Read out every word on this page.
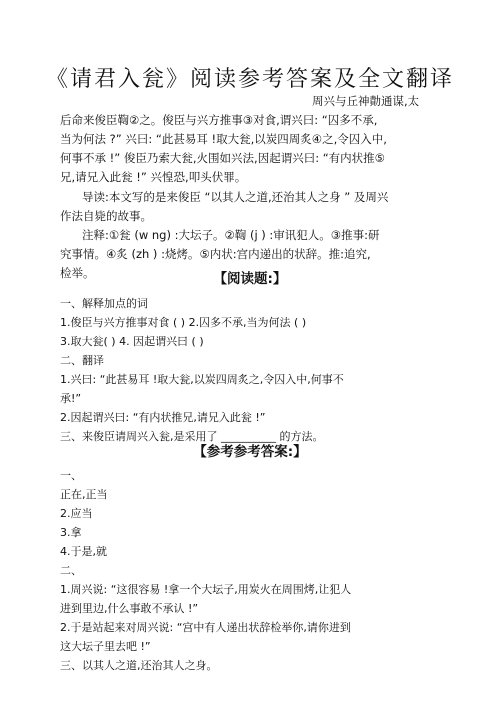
《请君入瓮》阅读参考答案及全文翻译

周兴与丘神勣通谋,太

后命来俊臣鞫②之。俊臣与兴方推事③对食,谓兴曰: “囚多不承,

当为何法 ?” 兴曰: “此甚易耳 !取大瓮,以炭四周炙④之,令囚入中,

何事不承 !” 俊臣乃索大瓮,火围如兴法,因起谓兴曰: “有内状推⑤

兄,请兄入此瓮 !” 兴惶恐,叩头伏罪。

导读:本文写的是来俊臣 “以其人之道,还治其人之身 ” 及周兴

作法自毙的故事。

注释:①瓮 (w ng) :大坛子。②鞫 (j ) :审讯犯人。③推事:研

究事情。④炙 (zh ) :烧烤。⑤内状:宫内递出的状辞。推:追究,

检举。	【阅读题:】

一、解释加点的词

1.俊臣与兴方推事对食 ( ) 2.囚多不承,当为何法 ( )

3.取大瓮( ) 4. 因起谓兴曰 ( )

二、翻译

1.兴曰: “此甚易耳 !取大瓮,以炭四周炙之,令囚入中,何事不

承!”

2.因起谓兴曰: “有内状推兄,请兄入此瓮 !”

三、来俊臣请周兴入瓮,是采用了 __________ 的方法。

【参考参考答案:】

一、

正在,正当

2.应当

3.拿

4.于是,就

二、

1.周兴说: “这很容易 !拿一个大坛子,用炭火在周围烤,让犯人

进到里边,什么事敢不承认 !”

2.于是站起来对周兴说: “宫中有人递出状辞检举你,请你进到

这大坛子里去吧 !”

三、以其人之道,还治其人之身。
